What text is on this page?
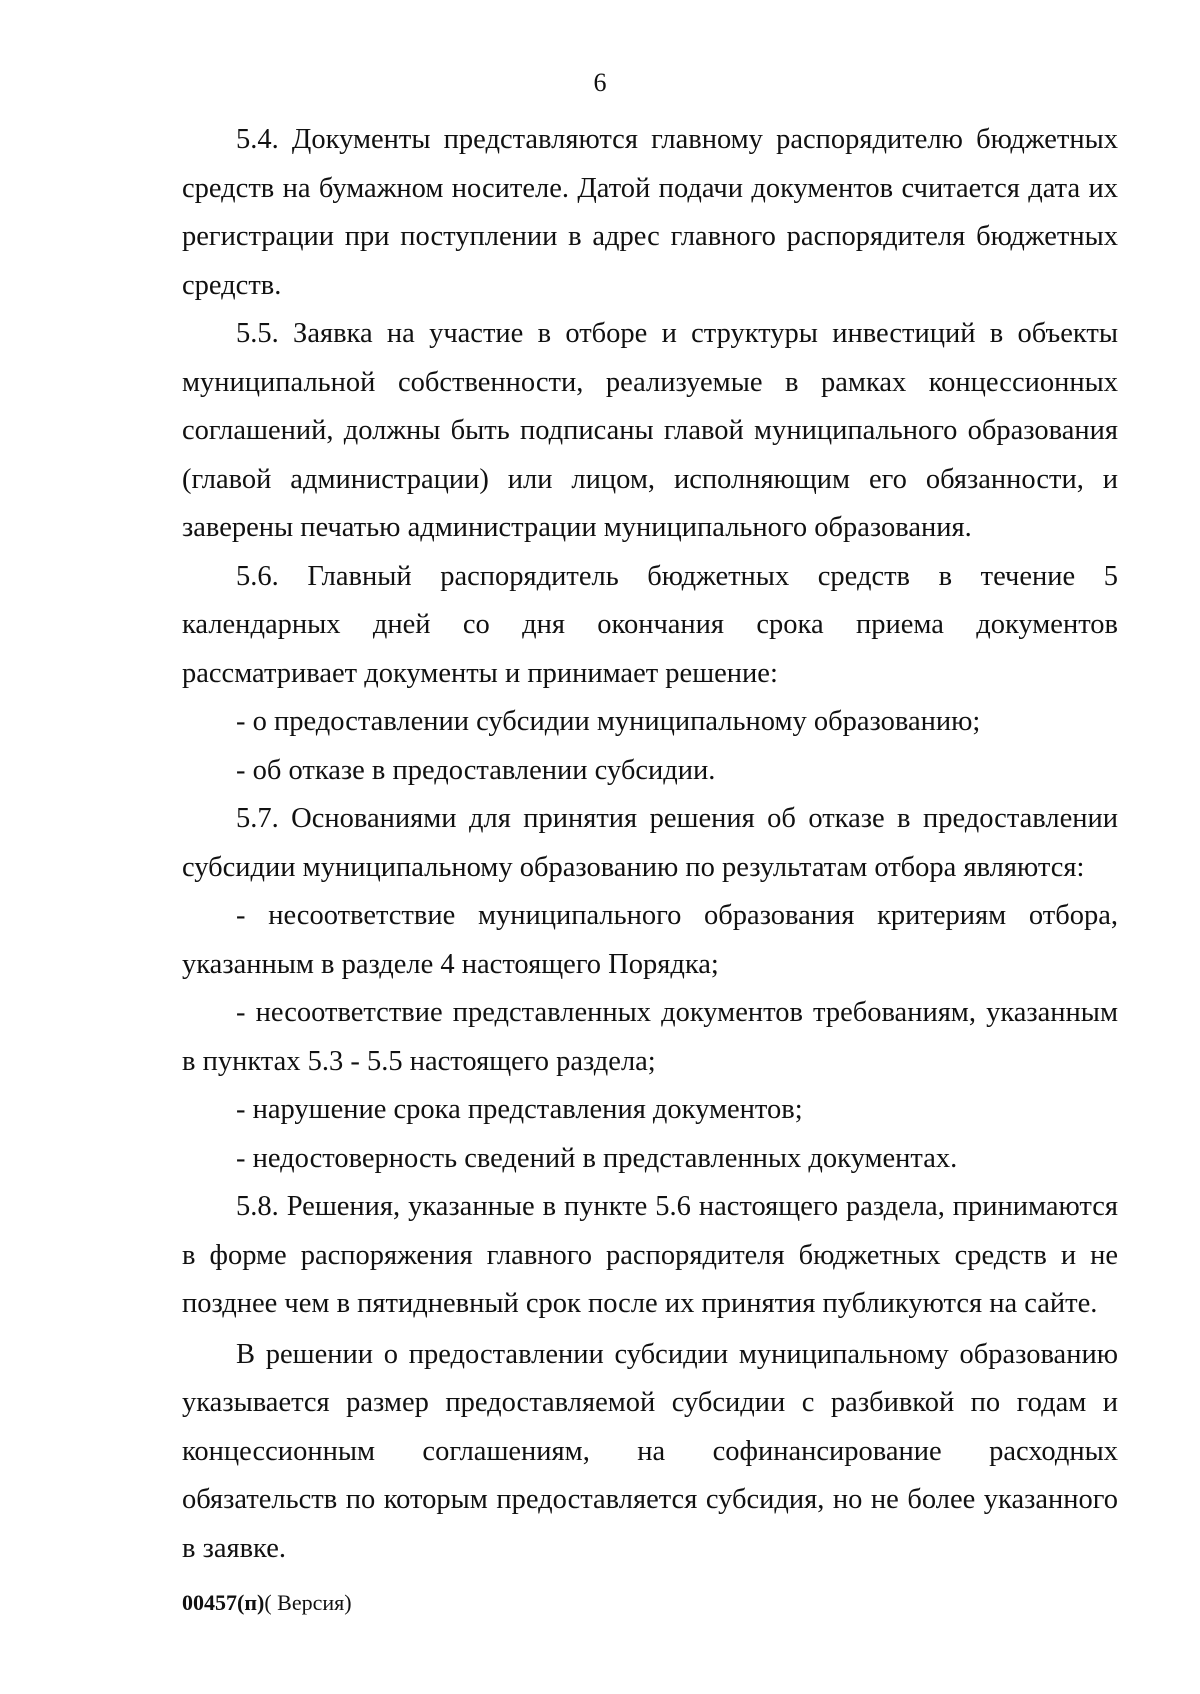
6

5.4. Документы представляются главному распорядителю бюджетных средств на бумажном носителе. Датой подачи документов считается дата их регистрации при поступлении в адрес главного распорядителя бюджетных средств.

5.5. Заявка на участие в отборе и структуры инвестиций в объекты муниципальной собственности, реализуемые в рамках концессионных соглашений, должны быть подписаны главой муниципального образования (главой администрации) или лицом, исполняющим его обязанности, и заверены печатью администрации муниципального образования.

5.6. Главный распорядитель бюджетных средств в течение 5 календарных дней со дня окончания срока приема документов рассматривает документы и принимает решение:

- о предоставлении субсидии муниципальному образованию;

- об отказе в предоставлении субсидии.

5.7. Основаниями для принятия решения об отказе в предоставлении субсидии муниципальному образованию по результатам отбора являются:

- несоответствие муниципального образования критериям отбора, указанным в разделе 4 настоящего Порядка;

- несоответствие представленных документов требованиям, указанным в пунктах 5.3 - 5.5 настоящего раздела;

- нарушение срока представления документов;

- недостоверность сведений в представленных документах.

5.8. Решения, указанные в пункте 5.6 настоящего раздела, принимаются в форме распоряжения главного распорядителя бюджетных средств и не позднее чем в пятидневный срок после их принятия публикуются на сайте.

В решении о предоставлении субсидии муниципальному образованию указывается размер предоставляемой субсидии с разбивкой по годам и концессионным соглашениям, на софинансирование расходных обязательств по которым предоставляется субсидия, но не более указанного в заявке.

00457(п)( Версия)
